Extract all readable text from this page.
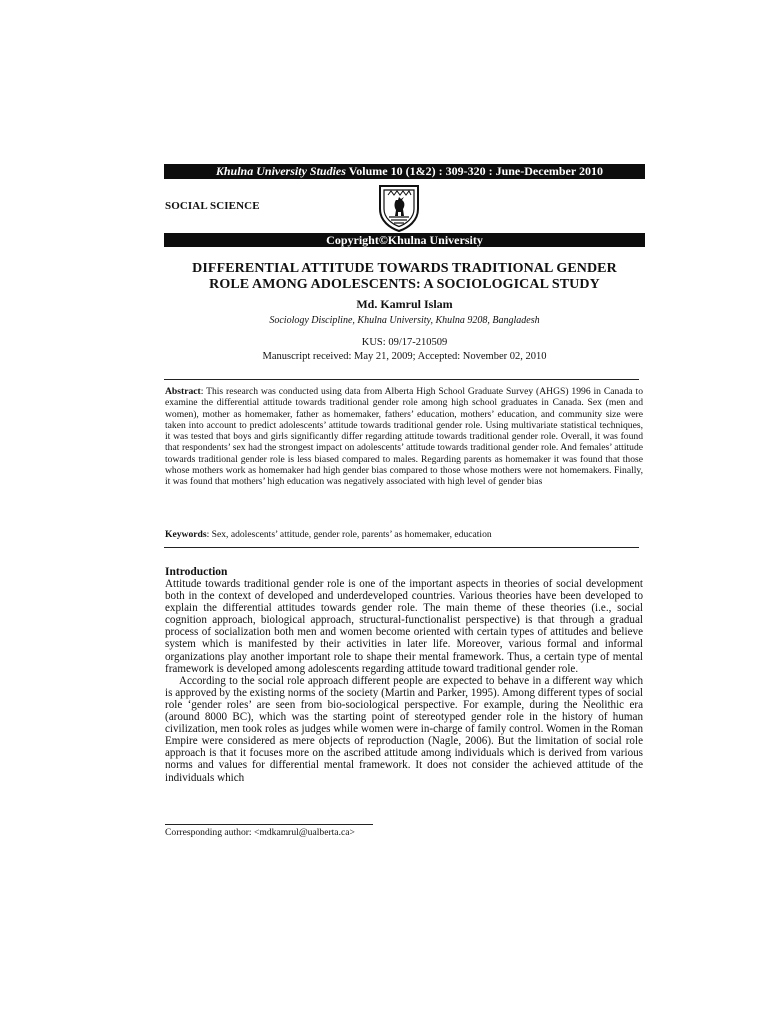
Khulna University Studies Volume 10 (1&2) : 309-320 : June-December 2010
SOCIAL SCIENCE
Copyright©Khulna University
DIFFERENTIAL ATTITUDE TOWARDS TRADITIONAL GENDER
ROLE AMONG ADOLESCENTS: A SOCIOLOGICAL STUDY
Md. Kamrul Islam
Sociology Discipline, Khulna University, Khulna 9208, Bangladesh
KUS: 09/17-210509
Manuscript received: May 21, 2009; Accepted: November 02, 2010
Abstract: This research was conducted using data from Alberta High School Graduate Survey (AHGS) 1996 in Canada to examine the differential attitude towards traditional gender role among high school graduates in Canada. Sex (men and women), mother as homemaker, father as homemaker, fathers’ education, mothers’ education, and community size were taken into account to predict adolescents’ attitude towards traditional gender role. Using multivariate statistical techniques, it was tested that boys and girls significantly differ regarding attitude towards traditional gender role. Overall, it was found that respondents’ sex had the strongest impact on adolescents’ attitude towards traditional gender role. And females’ attitude towards traditional gender role is less biased compared to males. Regarding parents as homemaker it was found that those whose mothers work as homemaker had high gender bias compared to those whose mothers were not homemakers. Finally, it was found that mothers’ high education was negatively associated with high level of gender bias
Keywords: Sex, adolescents’ attitude, gender role, parents’ as homemaker, education
Introduction

Attitude towards traditional gender role is one of the important aspects in theories of social development both in the context of developed and underdeveloped countries. Various theories have been developed to explain the differential attitudes towards gender role. The main theme of these theories (i.e., social cognition approach, biological approach, structural-functionalist perspective) is that through a gradual process of socialization both men and women become oriented with certain types of attitudes and believe system which is manifested by their activities in later life. Moreover, various formal and informal organizations play another important role to shape their mental framework. Thus, a certain type of mental framework is developed among adolescents regarding attitude toward traditional gender role.

According to the social role approach different people are expected to behave in a different way which is approved by the existing norms of the society (Martin and Parker, 1995). Among different types of social role ‘gender roles’ are seen from bio-sociological perspective. For example, during the Neolithic era (around 8000 BC), which was the starting point of stereotyped gender role in the history of human civilization, men took roles as judges while women were in-charge of family control. Women in the Roman Empire were considered as mere objects of reproduction (Nagle, 2006). But the limitation of social role approach is that it focuses more on the ascribed attitude among individuals which is derived from various norms and values for differential mental framework. It does not consider the achieved attitude of the individuals which

Corresponding author: <mdkamrul@ualberta.ca>
